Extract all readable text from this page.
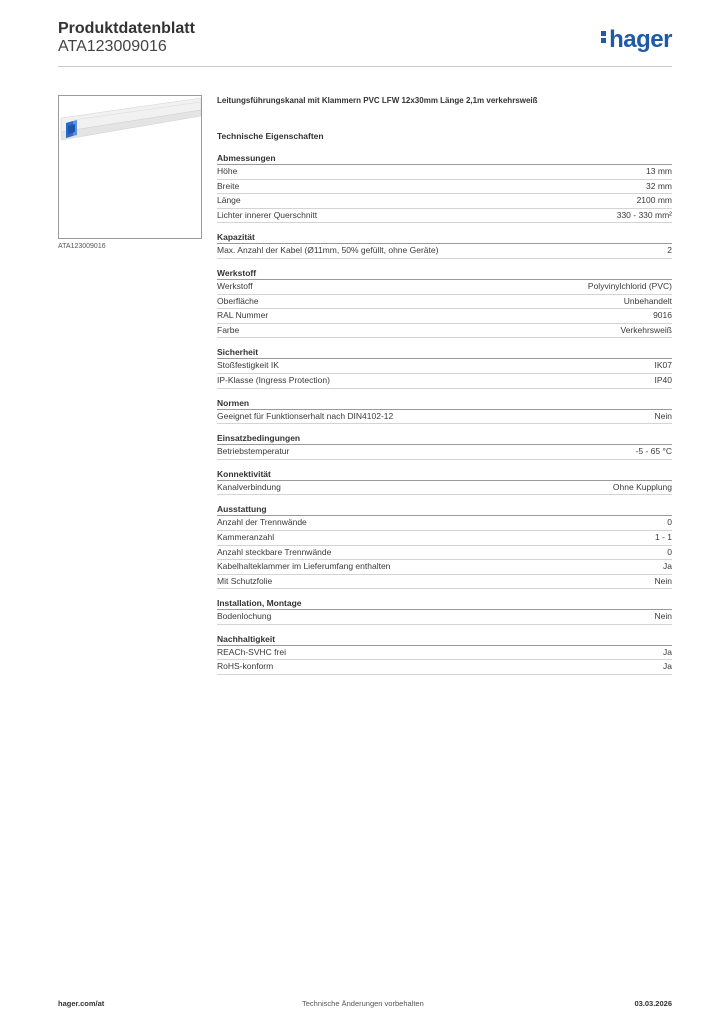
Produktdatenblatt
ATA123009016	hager
ATA123009016
Leitungsführungskanal mit Klammern PVC LFW 12x30mm Länge 2,1m verkehrsweiß
Technische Eigenschaften
Abmessungen
Höhe	13 mm
Breite	32 mm
Länge	2100 mm
Lichter innerer Querschnitt	330 - 330 mm²
Kapazität
Max. Anzahl der Kabel (Ø11mm, 50% gefüllt, ohne Geräte)	2
Werkstoff
Werkstoff	Polyvinylchlorid (PVC)
Oberfläche	Unbehandelt
RAL Nummer	9016
Farbe	Verkehrsweiß
Sicherheit
Stoßfestigkeit IK	IK07
IP-Klasse (Ingress Protection)	IP40
Normen
Geeignet für Funktionserhalt nach DIN4102-12	Nein
Einsatzbedingungen
Betriebstemperatur	-5 - 65 °C
Konnektivität
Kanalverbindung	Ohne Kupplung
Ausstattung
Anzahl der Trennwände	0
Kammeranzahl	1 - 1
Anzahl steckbare Trennwände	0
Kabelhalteklammer im Lieferumfang enthalten	Ja
Mit Schutzfolie	Nein
Installation, Montage
Bodenlochung	Nein
Nachhaltigkeit
REACh-SVHC frei	Ja
RoHS-konform	Ja
hager.com/at	Technische Änderungen vorbehalten	03.03.2026
